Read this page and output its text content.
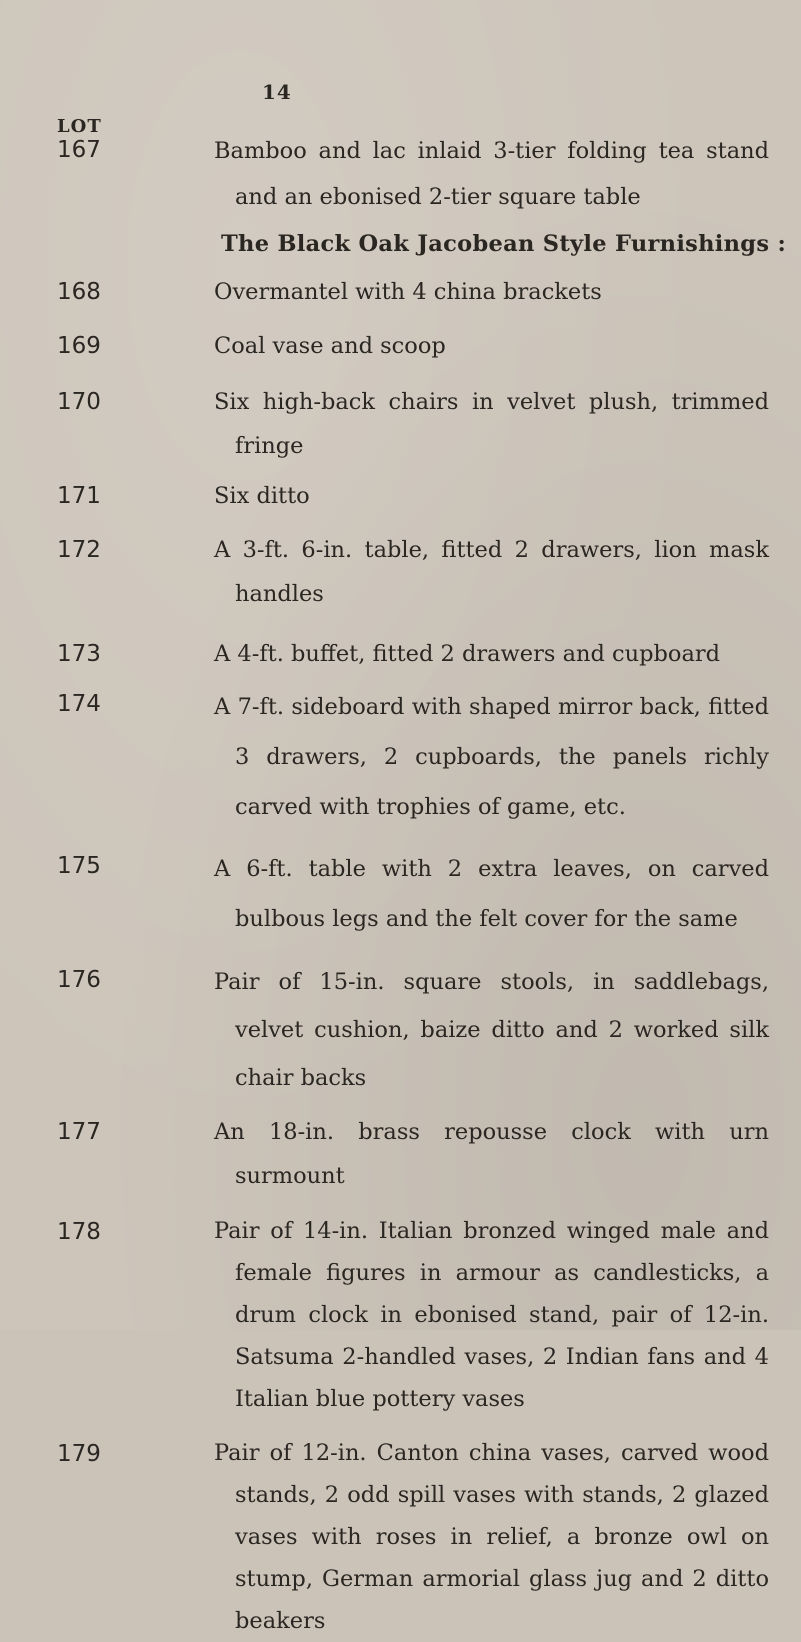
14
LOT
167	Bamboo and lac inlaid 3-tier folding tea stand and an ebonised 2-tier square table
The Black Oak Jacobean Style Furnishings :
168	Overmantel with 4 china brackets
169	Coal vase and scoop
170	Six high-back chairs in velvet plush, trimmed fringe
171	Six ditto
172	A 3-ft. 6-in. table, fitted 2 drawers, lion mask handles
173	A 4-ft. buffet, fitted 2 drawers and cupboard
174	A 7-ft. sideboard with shaped mirror back, fitted 3 drawers, 2 cupboards, the panels richly carved with trophies of game, etc.
175	A 6-ft. table with 2 extra leaves, on carved bulbous legs and the felt cover for the same
176	Pair of 15-in. square stools, in saddlebags, velvet cushion, baize ditto and 2 worked silk chair backs
177	An 18-in. brass repousse clock with urn surmount
178	Pair of 14-in. Italian bronzed winged male and female figures in armour as candlesticks, a drum clock in ebonised stand, pair of 12-in. Satsuma 2-handled vases, 2 Indian fans and 4 Italian blue pottery vases
179	Pair of 12-in. Canton china vases, carved wood stands, 2 odd spill vases with stands, 2 glazed vases with roses in relief, a bronze owl on stump, German armorial glass jug and 2 ditto beakers
